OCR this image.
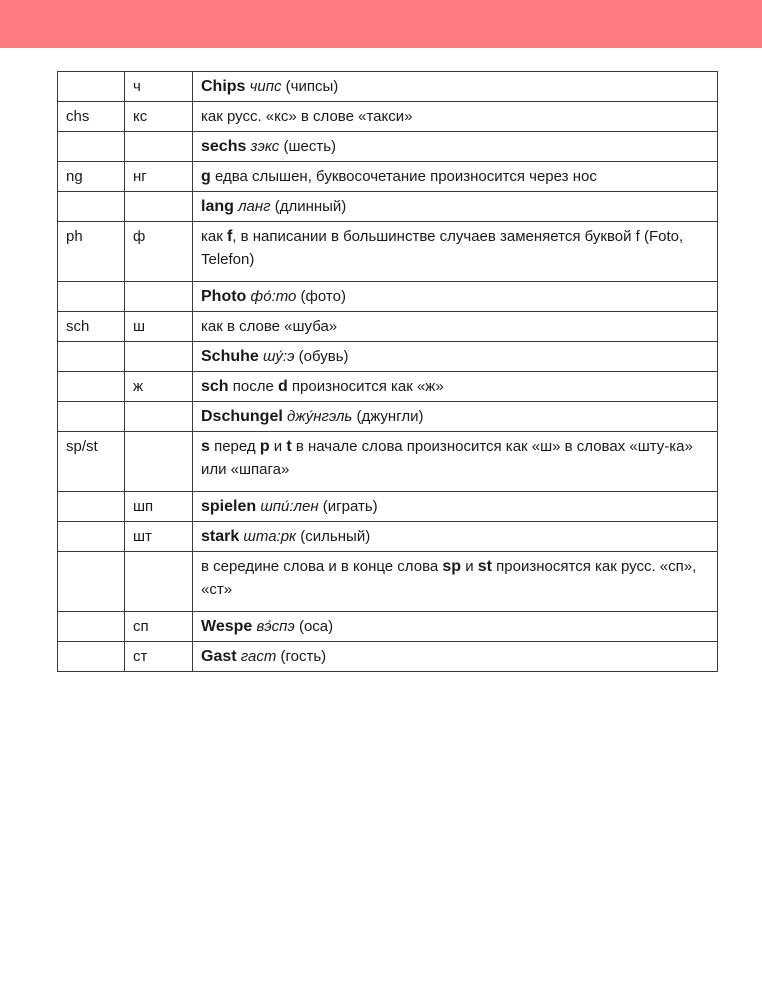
	ч	Chips чипс (чипсы)
chs	кс	как русс. «кс» в слове «такси»
		sechs зэкс (шесть)
ng	нг	g едва слышен, буквосочетание произносится через нос
		lang ланг (длинный)
ph	ф	как f, в написании в большинстве случаев заменяется буквой f (Foto, Telefon)
		Photo фо́:то (фото)
sch	ш	как в слове «шуба»
		Schuhe шу́:э (обувь)
	ж	sch после d произносится как «ж»
		Dschungel джу́нгэль (джунгли)
sp/st		s перед p и t в начале слова произносится как «ш» в словах «шту-ка» или «шпага»
	шп	spielen шпи́:лен (играть)
	шт	stark шта:рк (сильный)
		в середине слова и в конце слова sp и st произносятся как русс. «сп», «ст»
	сп	Wespe вэ́спэ (оса)
	ст	Gast гаст (гость)
